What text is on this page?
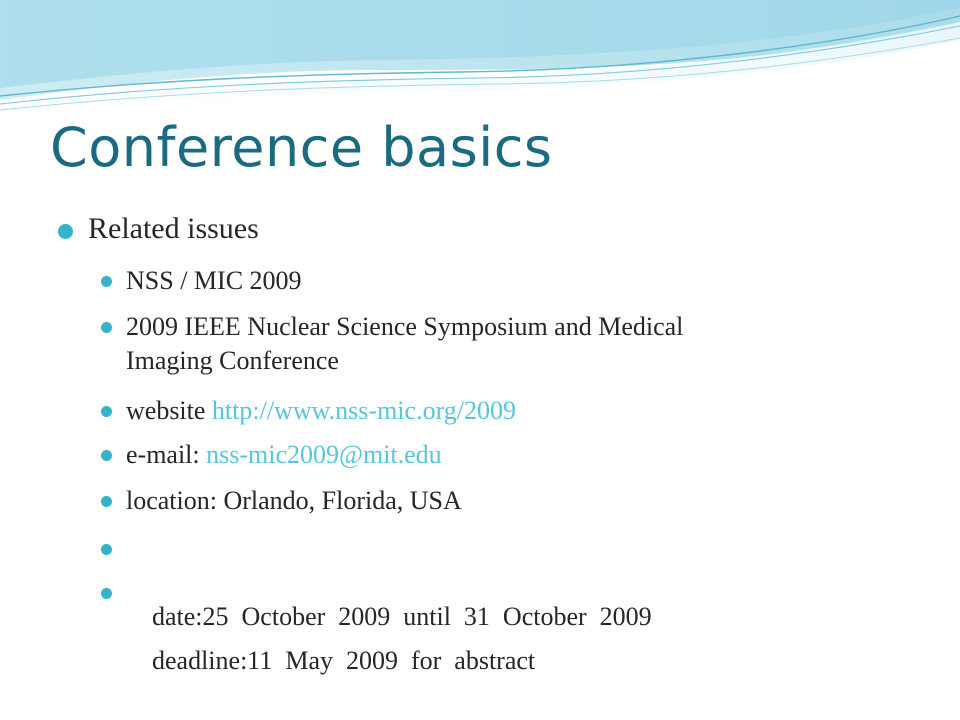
Conference basics
Related issues
NSS / MIC 2009
2009 IEEE Nuclear Science Symposium and Medical
Imaging Conference
website http://www.nss-mic.org/2009
e-mail: nss-mic2009@mit.edu
location: Orlando, Florida, USA

date:25  October  2009  until  31  October  2009

deadline:11  May  2009  for  abstract
